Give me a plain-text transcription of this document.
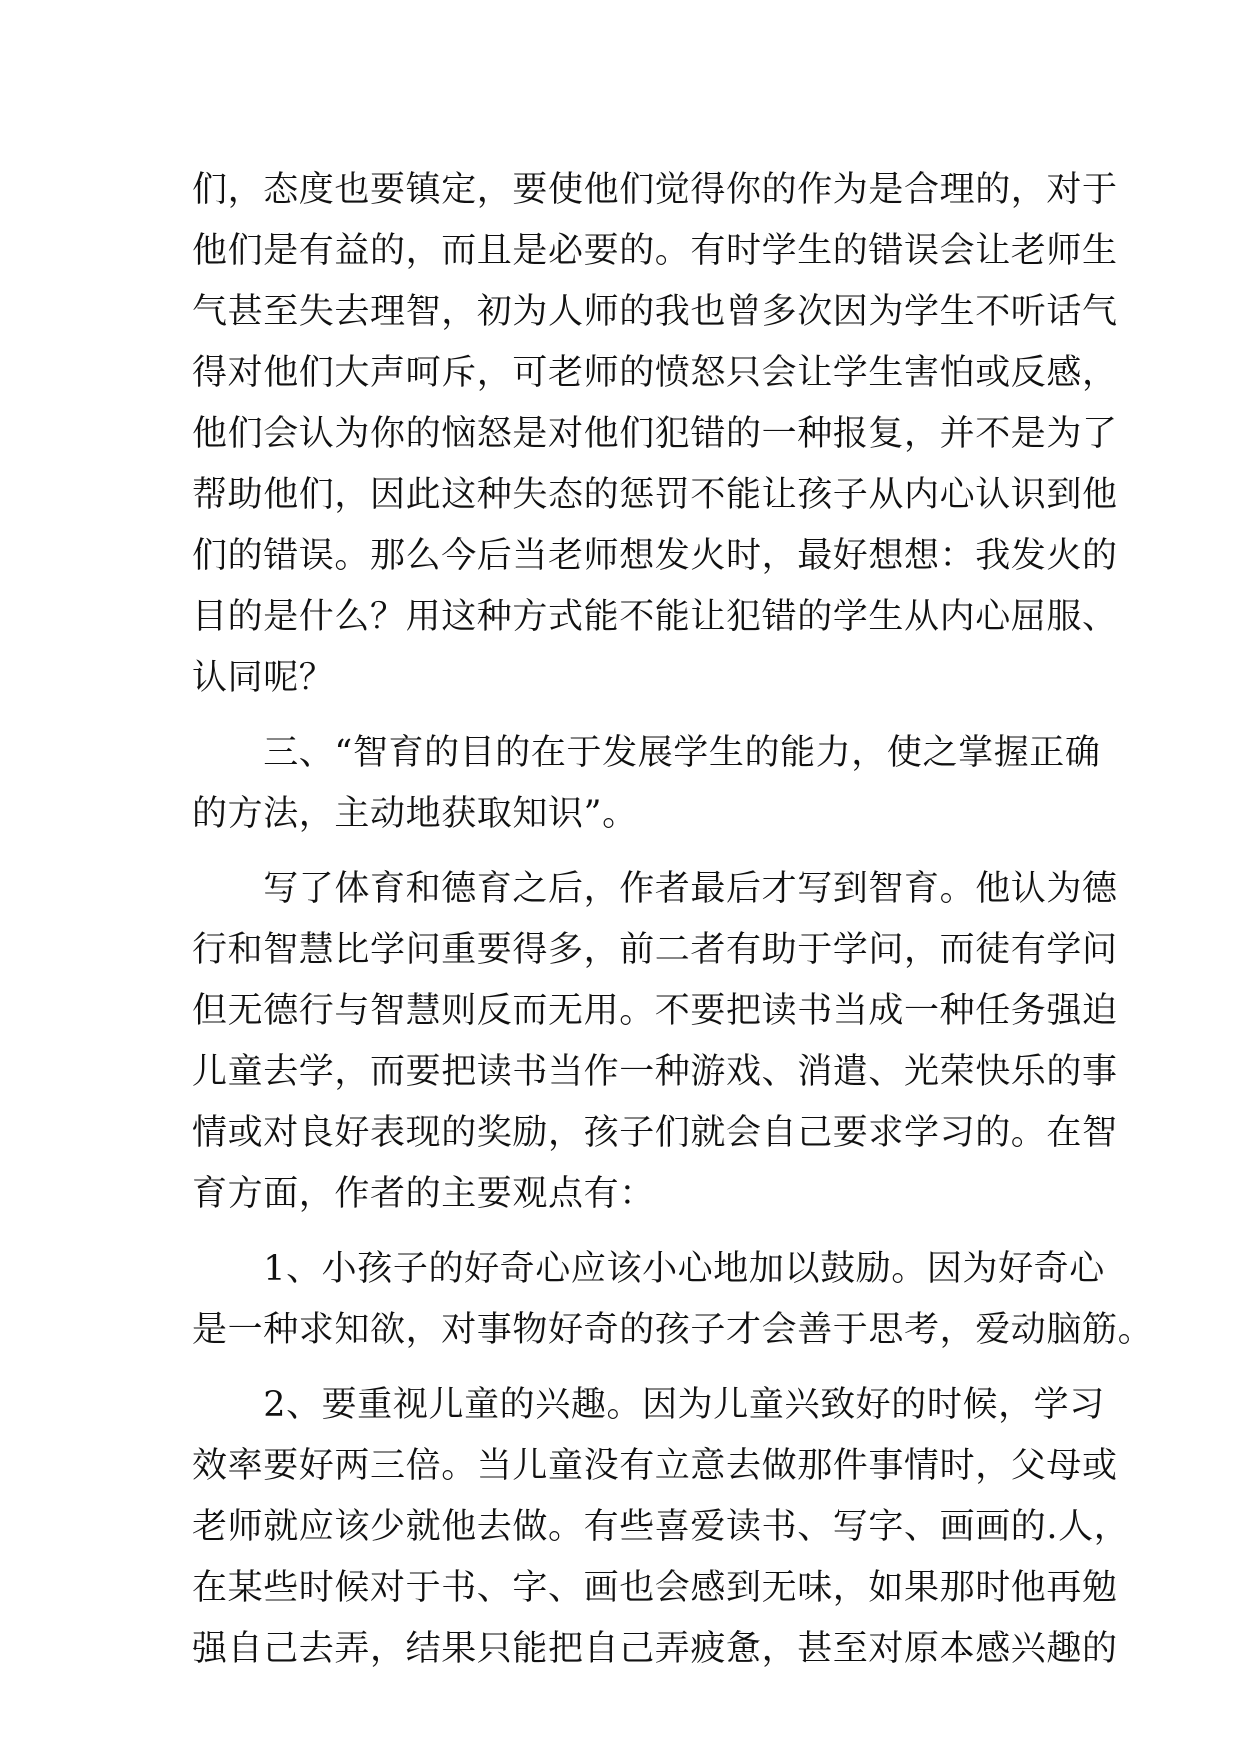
们，态度也要镇定，要使他们觉得你的作为是合理的，对于
他们是有益的，而且是必要的。有时学生的错误会让老师生
气甚至失去理智，初为人师的我也曾多次因为学生不听话气
得对他们大声呵斥，可老师的愤怒只会让学生害怕或反感，
他们会认为你的恼怒是对他们犯错的一种报复，并不是为了
帮助他们，因此这种失态的惩罚不能让孩子从内心认识到他
们的错误。那么今后当老师想发火时，最好想想：我发火的
目的是什么？用这种方式能不能让犯错的学生从内心屈服、
认同呢？
　　三、“智育的目的在于发展学生的能力，使之掌握正确
的方法，主动地获取知识”。
　　写了体育和德育之后，作者最后才写到智育。他认为德
行和智慧比学问重要得多，前二者有助于学问，而徒有学问
但无德行与智慧则反而无用。不要把读书当成一种任务强迫
儿童去学，而要把读书当作一种游戏、消遣、光荣快乐的事
情或对良好表现的奖励，孩子们就会自己要求学习的。在智
育方面，作者的主要观点有：
　　1、小孩子的好奇心应该小心地加以鼓励。因为好奇心
是一种求知欲，对事物好奇的孩子才会善于思考，爱动脑筋。
　　2、要重视儿童的兴趣。因为儿童兴致好的时候，学习
效率要好两三倍。当儿童没有立意去做那件事情时，父母或
老师就应该少就他去做。有些喜爱读书、写字、画画的.人，
在某些时候对于书、字、画也会感到无味，如果那时他再勉
强自己去弄，结果只能把自己弄疲惫，甚至对原本感兴趣的
